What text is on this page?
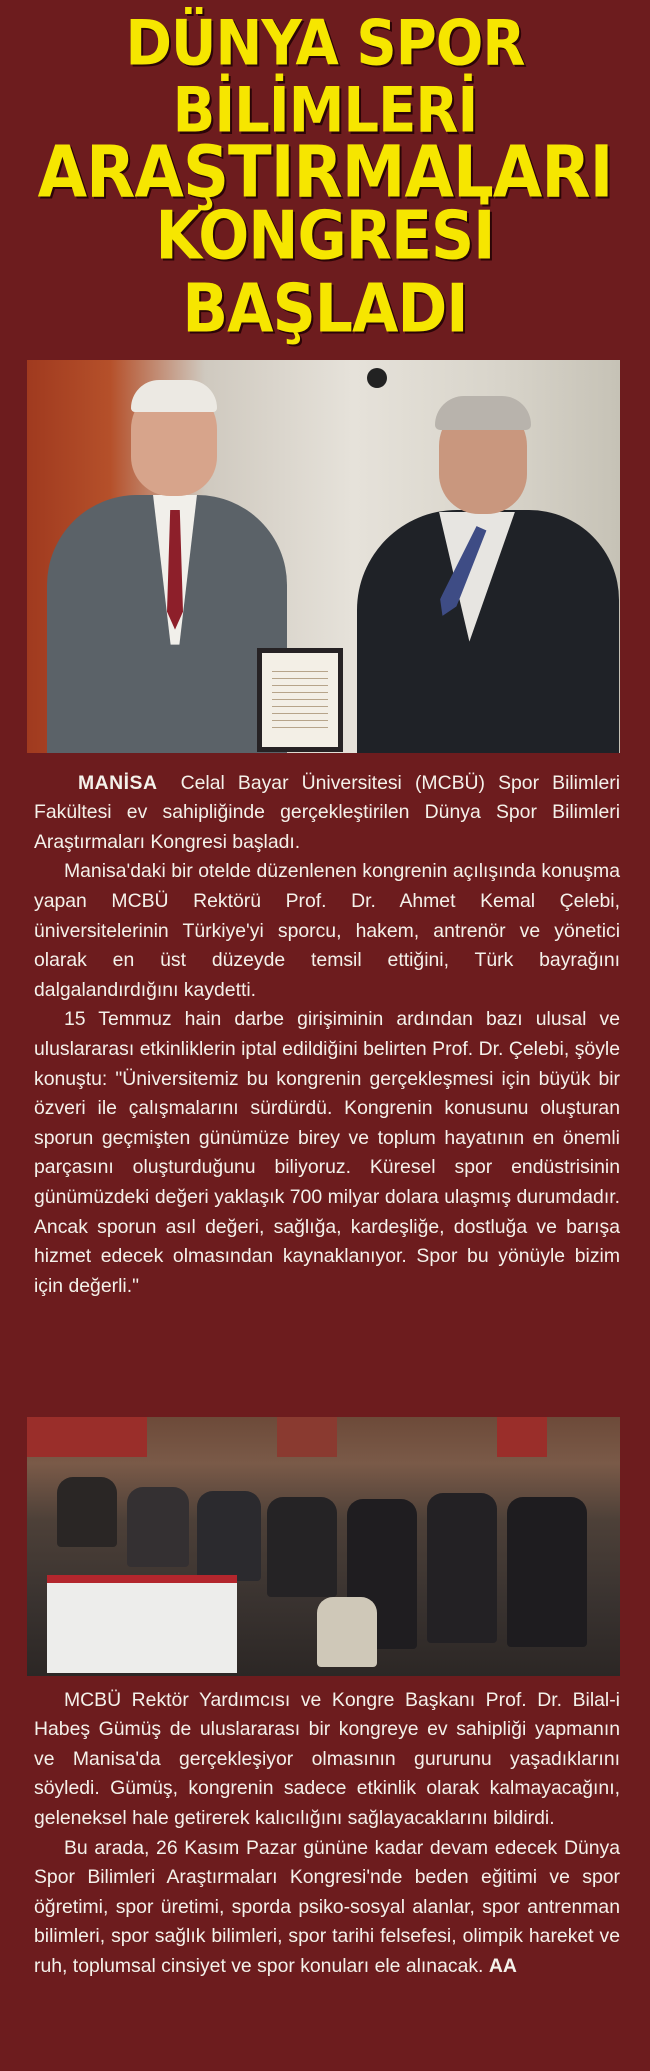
DÜNYA SPOR BİLİMLERİ
ARAŞTIRMALARI
KONGRESİ BAŞLADI

MANİSA Celal Bayar Üniversitesi (MCBÜ) Spor Bilimleri Fakültesi ev sahipliğinde gerçekleştirilen Dünya Spor Bilimleri Araştırmaları Kongresi başladı.

Manisa'daki bir otelde düzenlenen kongrenin açılışında konuşma yapan MCBÜ Rektörü Prof. Dr. Ahmet Kemal Çelebi, üniversitelerinin Türkiye'yi sporcu, hakem, antrenör ve yönetici olarak en üst düzeyde temsil ettiğini, Türk bayrağını dalgalandırdığını kaydetti.

15 Temmuz hain darbe girişiminin ardından bazı ulusal ve uluslararası etkinliklerin iptal edildiğini belirten Prof. Dr. Çelebi, şöyle konuştu: "Üniversitemiz bu kongrenin gerçekleşmesi için büyük bir özveri ile çalışmalarını sürdürdü. Kongrenin konusunu oluşturan sporun geçmişten günümüze birey ve toplum hayatının en önemli parçasını oluşturduğunu biliyoruz. Küresel spor endüstrisinin günümüzdeki değeri yaklaşık 700 milyar dolara ulaşmış durumdadır. Ancak sporun asıl değeri, sağlığa, kardeşliğe, dostluğa ve barışa hizmet edecek olmasından kaynaklanıyor. Spor bu yönüyle bizim için değerli."

MCBÜ Rektör Yardımcısı ve Kongre Başkanı Prof. Dr. Bilal-i Habeş Gümüş de uluslararası bir kongreye ev sahipliği yapmanın ve Manisa'da gerçekleşiyor olmasının gururunu yaşadıklarını söyledi. Gümüş, kongrenin sadece etkinlik olarak kalmayacağını, geleneksel hale getirerek kalıcılığını sağlayacaklarını bildirdi.

Bu arada, 26 Kasım Pazar gününe kadar devam edecek Dünya Spor Bilimleri Araştırmaları Kongresi'nde beden eğitimi ve spor öğretimi, spor üretimi, sporda psiko-sosyal alanlar, spor antrenman bilimleri, spor sağlık bilimleri, spor tarihi felsefesi, olimpik hareket ve ruh, toplumsal cinsiyet ve spor konuları ele alınacak. AA
